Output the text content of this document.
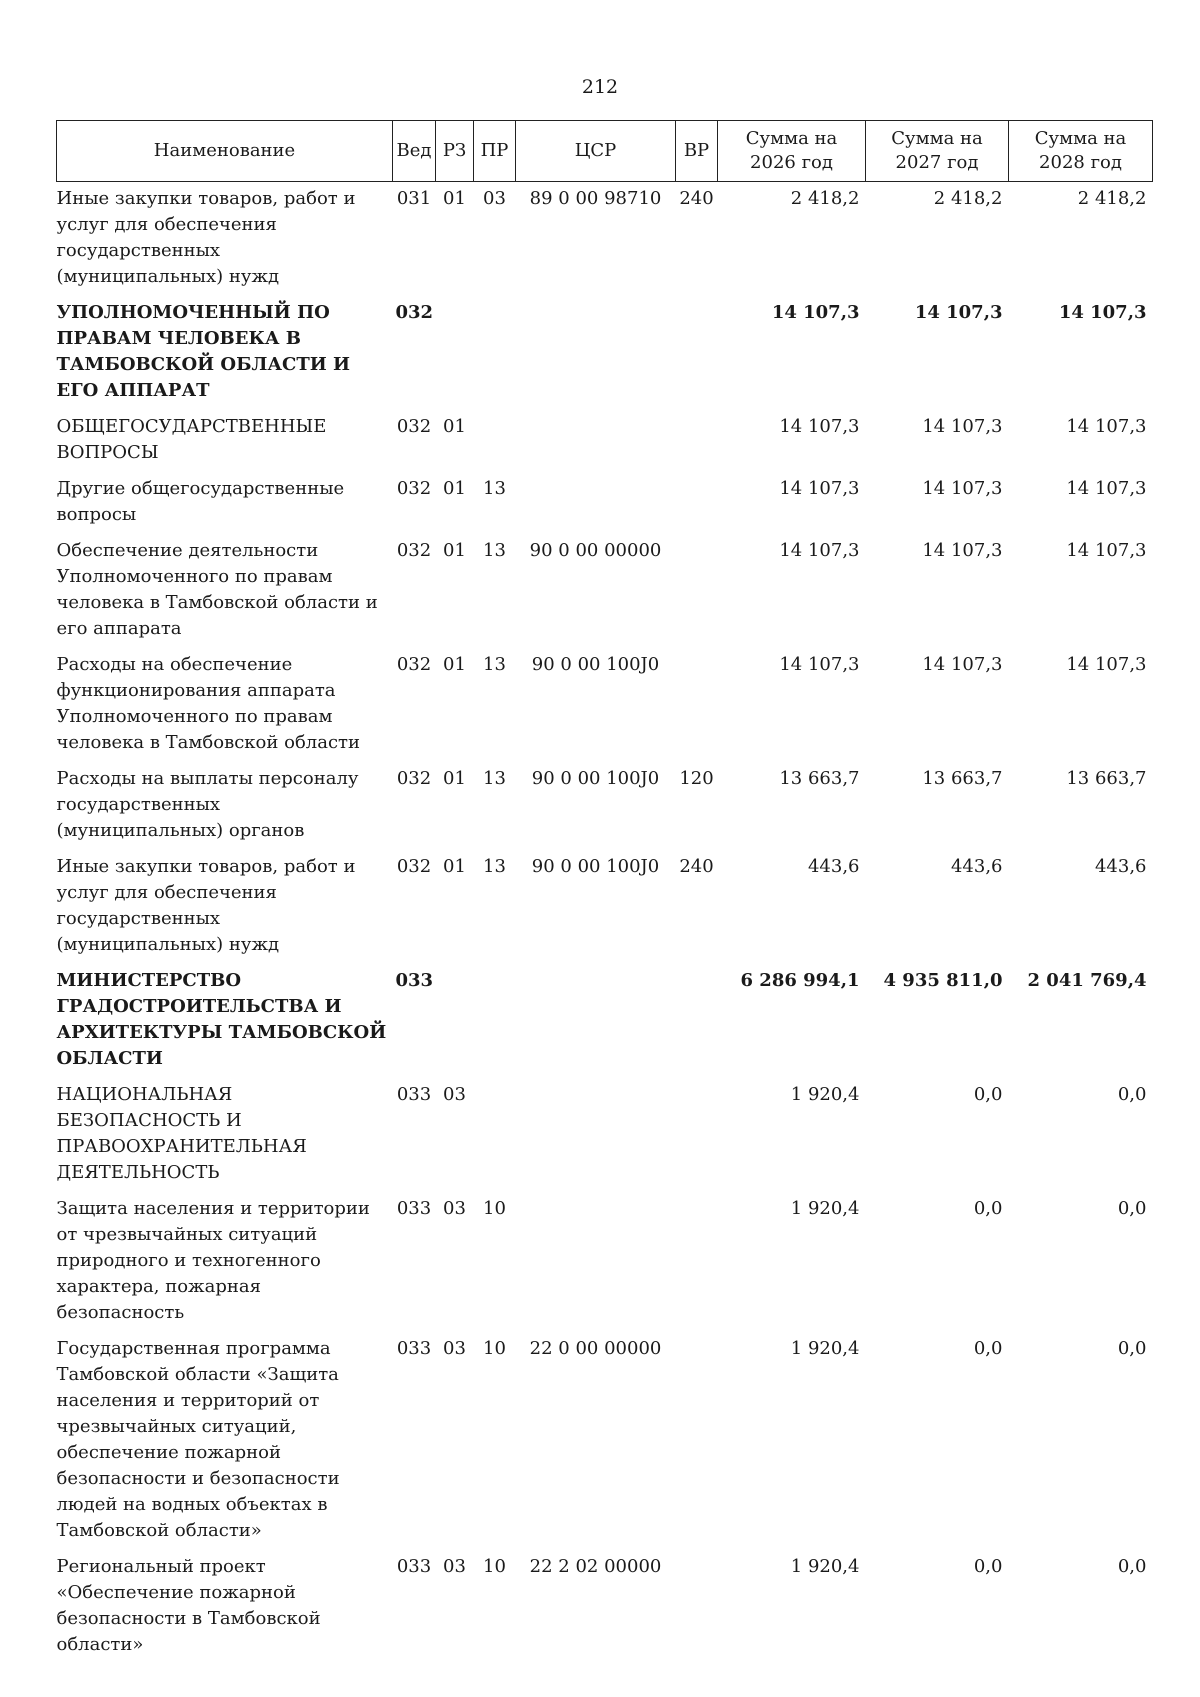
212
Наименование	Вед	РЗ	ПР	ЦСР	ВР	Сумма на 2026 год	Сумма на 2027 год	Сумма на 2028 год
Иные закупки товаров, работ и услуг для обеспечения государственных (муниципальных) нужд	031	01	03	89 0 00 98710	240	2 418,2	2 418,2	2 418,2
УПОЛНОМОЧЕННЫЙ ПО ПРАВАМ ЧЕЛОВЕКА В ТАМБОВСКОЙ ОБЛАСТИ И ЕГО АППАРАТ	032					14 107,3	14 107,3	14 107,3
ОБЩЕГОСУДАРСТВЕННЫЕ ВОПРОСЫ	032	01				14 107,3	14 107,3	14 107,3
Другие общегосударственные вопросы	032	01	13			14 107,3	14 107,3	14 107,3
Обеспечение деятельности Уполномоченного по правам человека в Тамбовской области и его аппарата	032	01	13	90 0 00 00000		14 107,3	14 107,3	14 107,3
Расходы на обеспечение функционирования аппарата Уполномоченного по правам человека в Тамбовской области	032	01	13	90 0 00 100J0		14 107,3	14 107,3	14 107,3
Расходы на выплаты персоналу государственных (муниципальных) органов	032	01	13	90 0 00 100J0	120	13 663,7	13 663,7	13 663,7
Иные закупки товаров, работ и услуг для обеспечения государственных (муниципальных) нужд	032	01	13	90 0 00 100J0	240	443,6	443,6	443,6
МИНИСТЕРСТВО ГРАДОСТРОИТЕЛЬСТВА И АРХИТЕКТУРЫ ТАМБОВСКОЙ ОБЛАСТИ	033					6 286 994,1	4 935 811,0	2 041 769,4
НАЦИОНАЛЬНАЯ БЕЗОПАСНОСТЬ И ПРАВООХРАНИТЕЛЬНАЯ ДЕЯТЕЛЬНОСТЬ	033	03				1 920,4	0,0	0,0
Защита населения и территории от чрезвычайных ситуаций природного и техногенного характера, пожарная безопасность	033	03	10			1 920,4	0,0	0,0
Государственная программа Тамбовской области «Защита населения и территорий от чрезвычайных ситуаций, обеспечение пожарной безопасности и безопасности людей на водных объектах в Тамбовской области»	033	03	10	22 0 00 00000		1 920,4	0,0	0,0
Региональный проект «Обеспечение пожарной безопасности в Тамбовской области»	033	03	10	22 2 02 00000		1 920,4	0,0	0,0
